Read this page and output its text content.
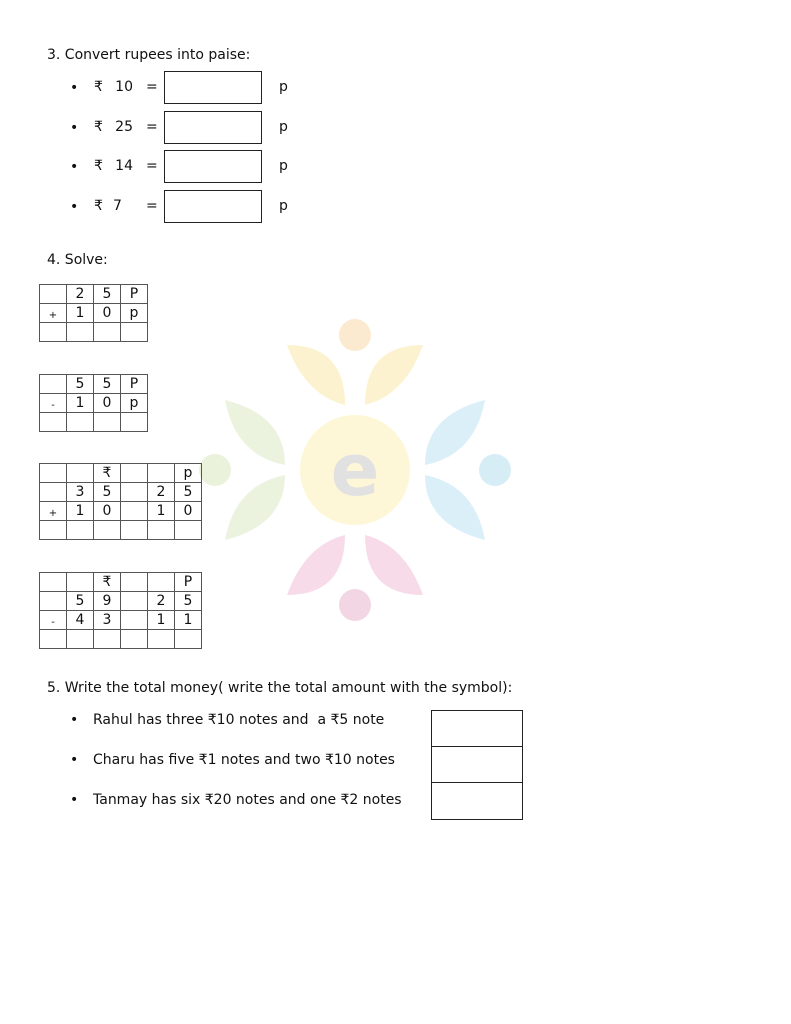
e
3. Convert rupees into paise:
• ₹ 10 =	p
• ₹ 25 =	p
• ₹ 14 =	p
• ₹ 7	=	p
4. Solve:
	2	5	P
+	1	0	p

	5	5	P
-	1	0	p

		₹			p
	3	5		2	5
+	1	0		1	0

		₹			P
	5	9		2	5
-	4	3		1	1

5. Write the total money( write the total amount with the symbol):
• Rahul has three ₹10 notes and  a ₹5 note
• Charu has five ₹1 notes and two ₹10 notes
• Tanmay has six ₹20 notes and one ₹2 notes
